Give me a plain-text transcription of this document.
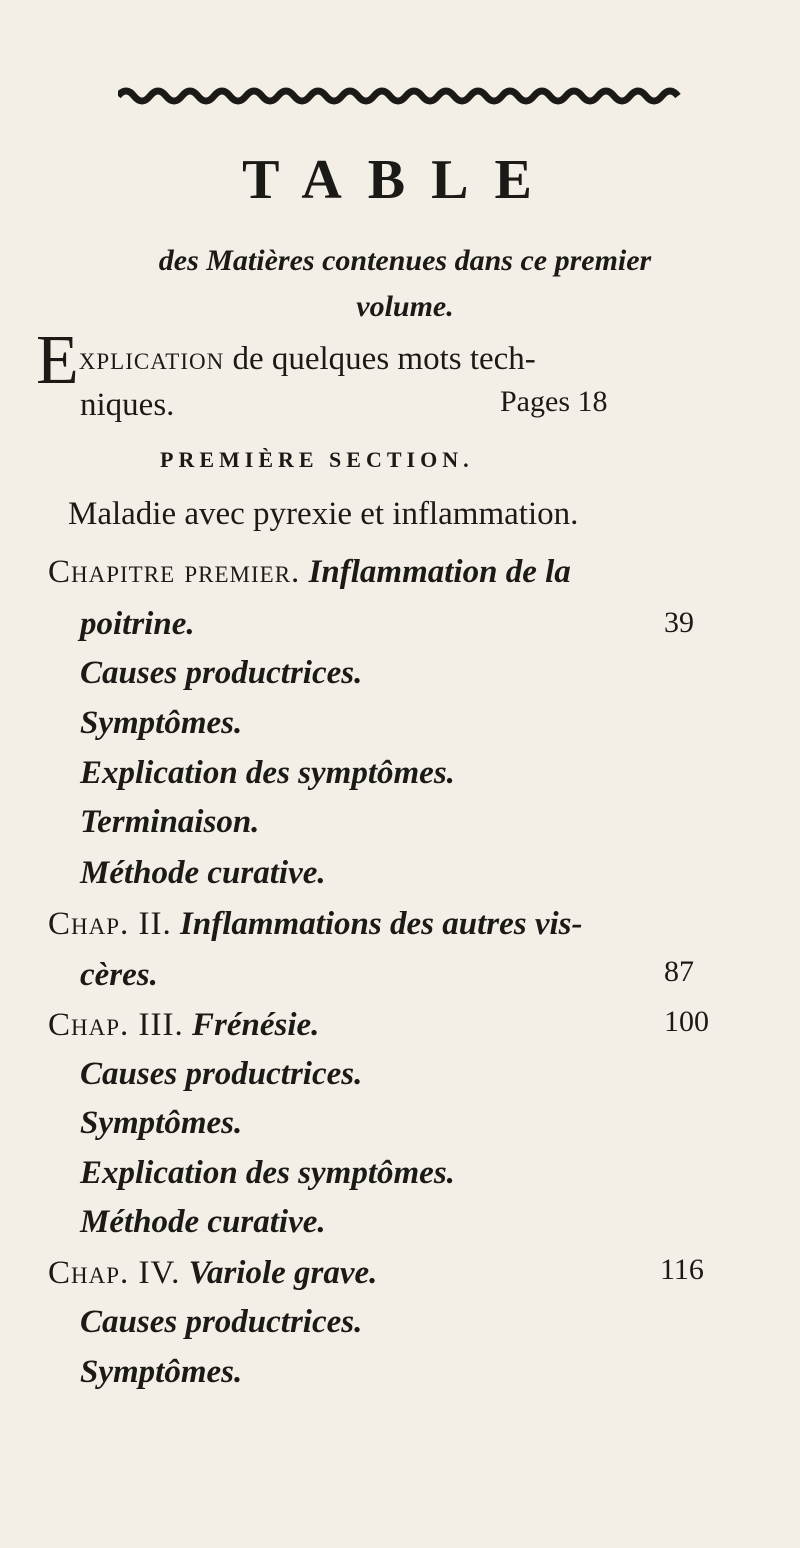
TABLE
des Matières contenues dans ce premier volume.
Explication de quelques mots tech-
niques.	Pages 18
PREMIÈRE SECTION.
Maladie avec pyrexie et inflammation.
Chapitre premier. Inflammation de la
poitrine.	39
Causes productrices.
Symptômes.
Explication des symptômes.
Terminaison.
Méthode curative.
Chap. II. Inflammations des autres vis-
cères.	87
Chap. III. Frénésie.	100
Causes productrices.
Symptômes.
Explication des symptômes.
Méthode curative.
Chap. IV. Variole grave.	116
Causes productrices.
Symptômes.
